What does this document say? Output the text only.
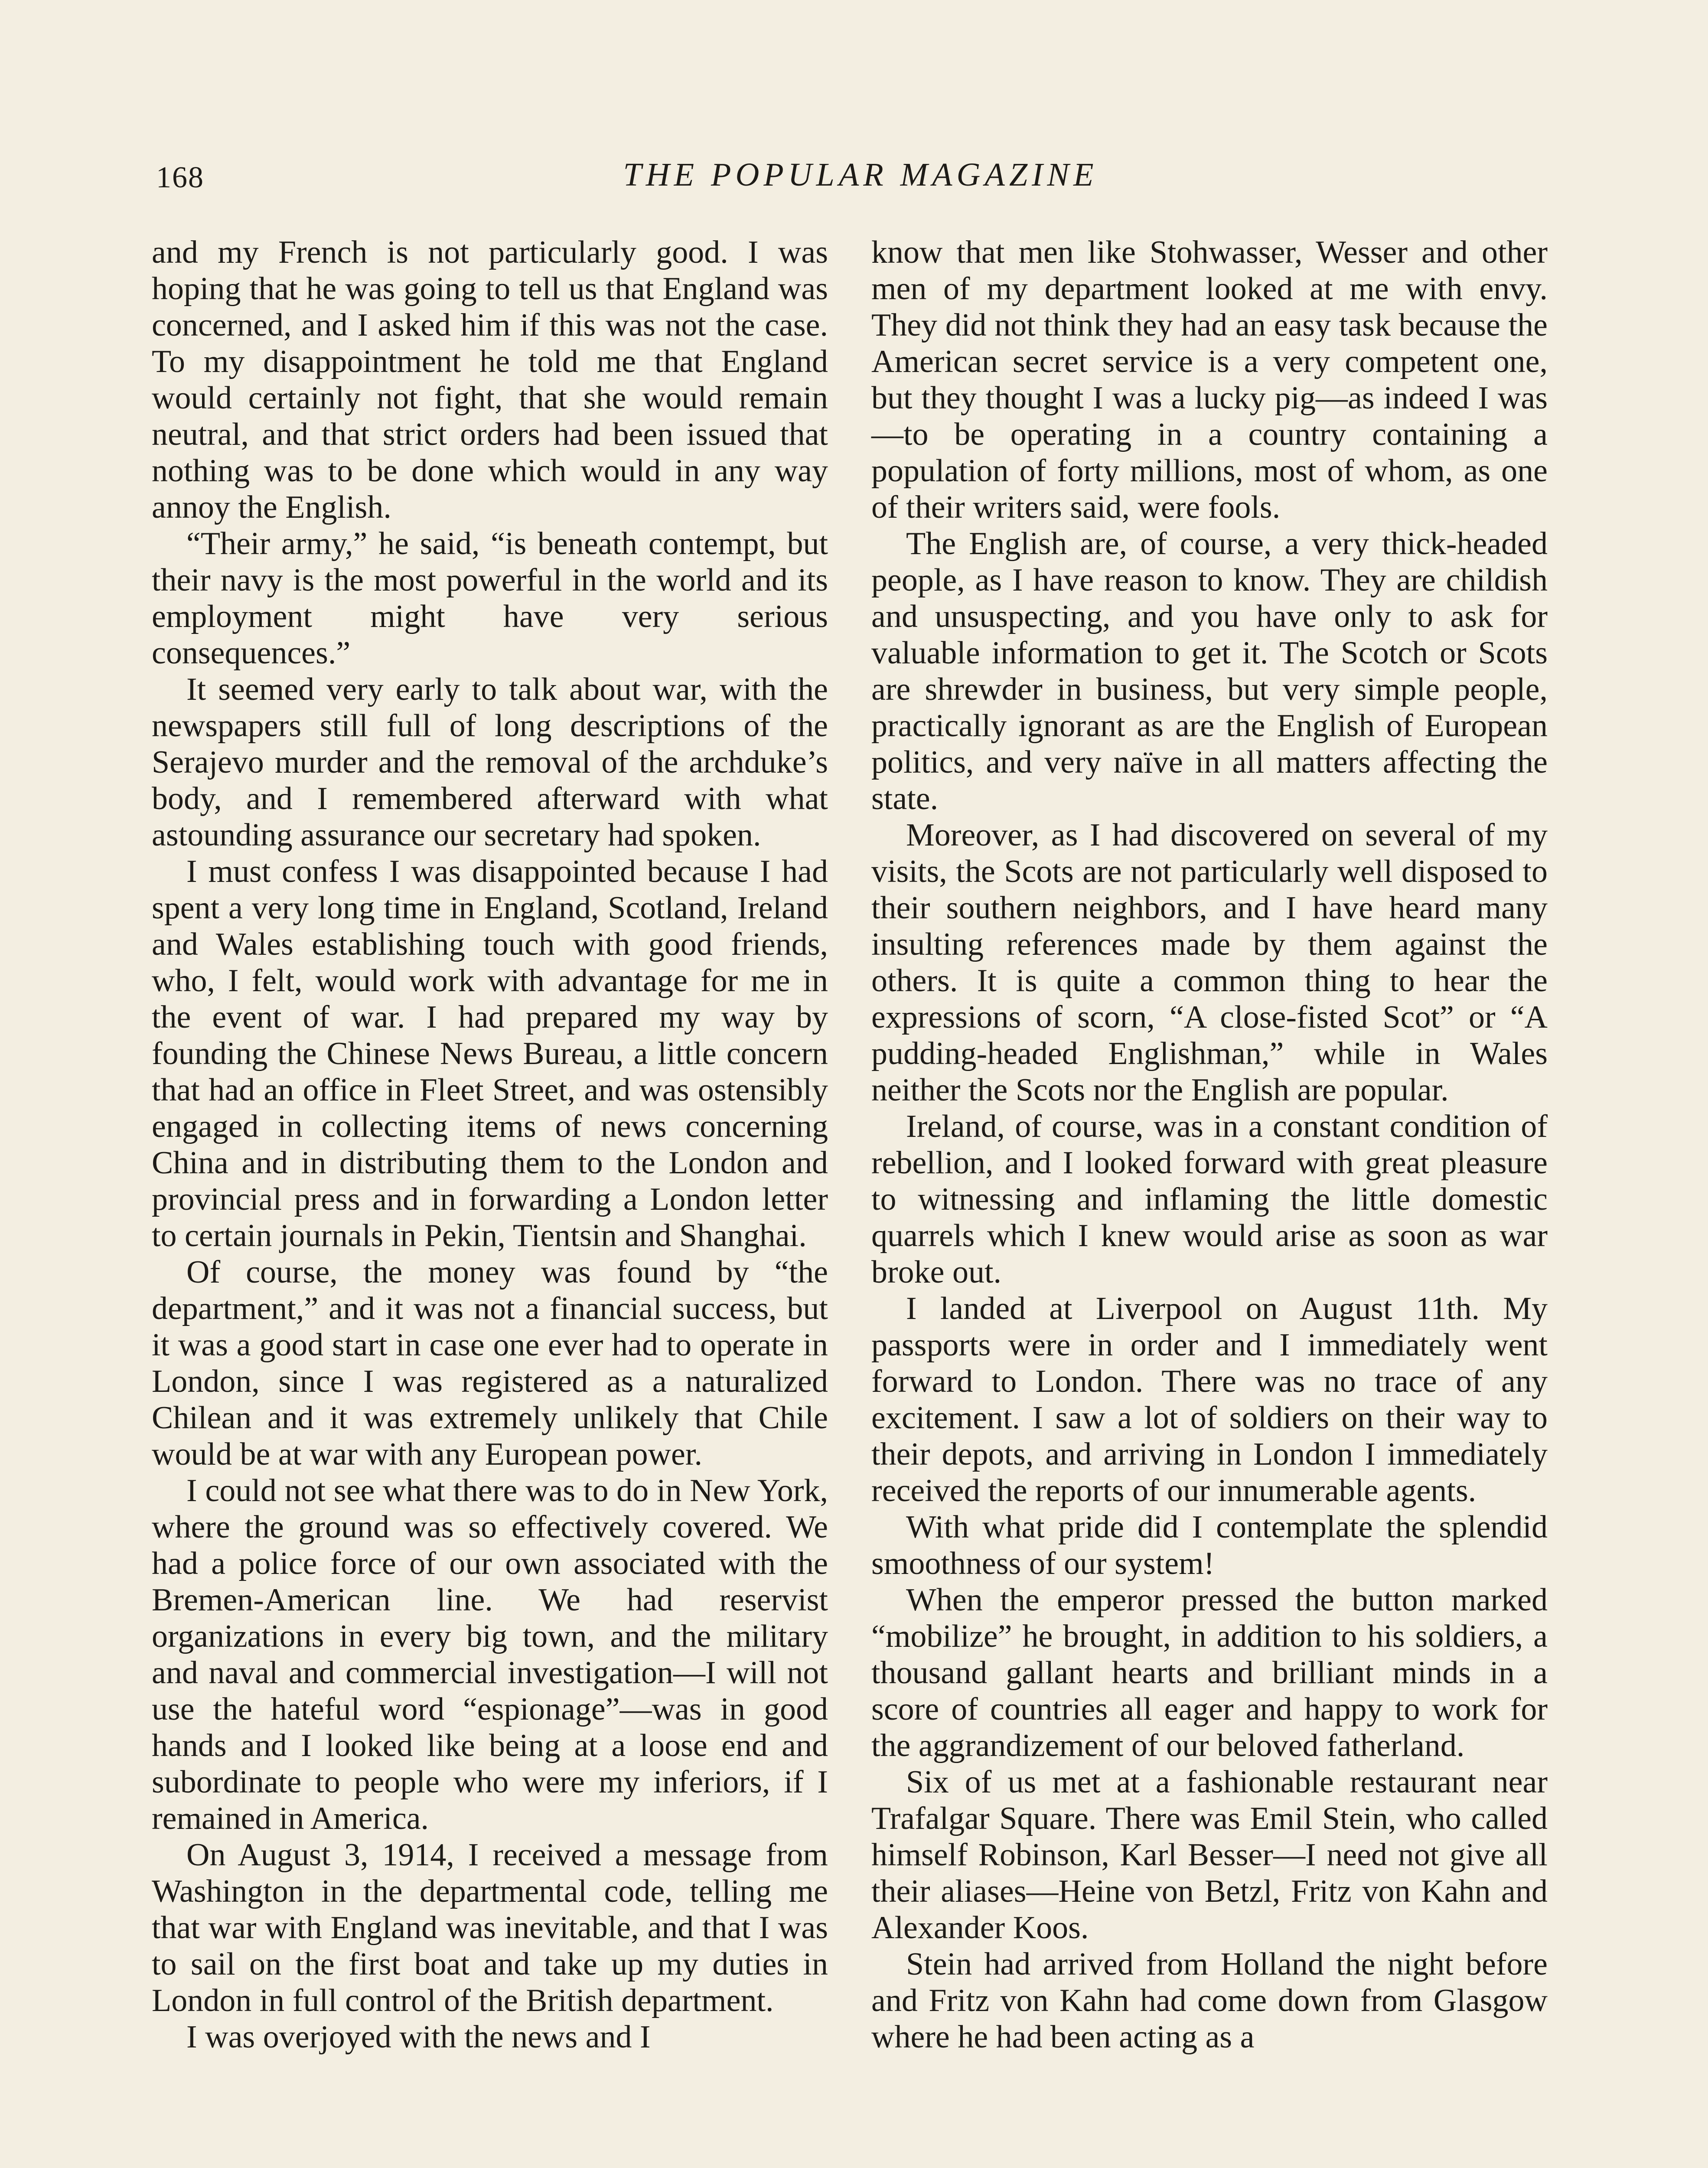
168	THE POPULAR MAGAZINE

and my French is not particularly good. I was hoping that he was going to tell us that England was concerned, and I asked him if this was not the case. To my disappointment he told me that England would certainly not fight, that she would remain neutral, and that strict orders had been issued that nothing was to be done which would in any way annoy the English.

“Their army,” he said, “is beneath contempt, but their navy is the most powerful in the world and its employment might have very serious consequences.”

It seemed very early to talk about war, with the newspapers still full of long descriptions of the Serajevo murder and the removal of the archduke’s body, and I remembered afterward with what astounding assurance our secretary had spoken.

I must confess I was disappointed because I had spent a very long time in England, Scotland, Ireland and Wales establishing touch with good friends, who, I felt, would work with advantage for me in the event of war. I had prepared my way by founding the Chinese News Bureau, a little concern that had an office in Fleet Street, and was ostensibly engaged in collecting items of news concerning China and in distributing them to the London and provincial press and in forwarding a London letter to certain journals in Pekin, Tientsin and Shanghai.

Of course, the money was found by “the department,” and it was not a financial success, but it was a good start in case one ever had to operate in London, since I was registered as a naturalized Chilean and it was extremely unlikely that Chile would be at war with any European power.

I could not see what there was to do in New York, where the ground was so effectively covered. We had a police force of our own associated with the Bremen-American line. We had reservist organizations in every big town, and the military and naval and commercial investigation—I will not use the hateful word “espionage”—was in good hands and I looked like being at a loose end and subordinate to people who were my inferiors, if I remained in America.

On August 3, 1914, I received a message from Washington in the departmental code, telling me that war with England was inevitable, and that I was to sail on the first boat and take up my duties in London in full control of the British department.

I was overjoyed with the news and I

know that men like Stohwasser, Wesser and other men of my department looked at me with envy. They did not think they had an easy task because the American secret service is a very competent one, but they thought I was a lucky pig—as indeed I was—to be operating in a country containing a population of forty millions, most of whom, as one of their writers said, were fools.

The English are, of course, a very thick-headed people, as I have reason to know. They are childish and unsuspecting, and you have only to ask for valuable information to get it. The Scotch or Scots are shrewder in business, but very simple people, practically ignorant as are the English of European politics, and very naïve in all matters affecting the state.

Moreover, as I had discovered on several of my visits, the Scots are not particularly well disposed to their southern neighbors, and I have heard many insulting references made by them against the others. It is quite a common thing to hear the expressions of scorn, “A close-fisted Scot” or “A pudding-headed Englishman,” while in Wales neither the Scots nor the English are popular.

Ireland, of course, was in a constant condition of rebellion, and I looked forward with great pleasure to witnessing and inflaming the little domestic quarrels which I knew would arise as soon as war broke out.

I landed at Liverpool on August 11th. My passports were in order and I immediately went forward to London. There was no trace of any excitement. I saw a lot of soldiers on their way to their depots, and arriving in London I immediately received the reports of our innumerable agents.

With what pride did I contemplate the splendid smoothness of our system!

When the emperor pressed the button marked “mobilize” he brought, in addition to his soldiers, a thousand gallant hearts and brilliant minds in a score of countries all eager and happy to work for the aggrandizement of our beloved fatherland.

Six of us met at a fashionable restaurant near Trafalgar Square. There was Emil Stein, who called himself Robinson, Karl Besser—I need not give all their aliases—Heine von Betzl, Fritz von Kahn and Alexander Koos.

Stein had arrived from Holland the night before and Fritz von Kahn had come down from Glasgow where he had been acting as a
